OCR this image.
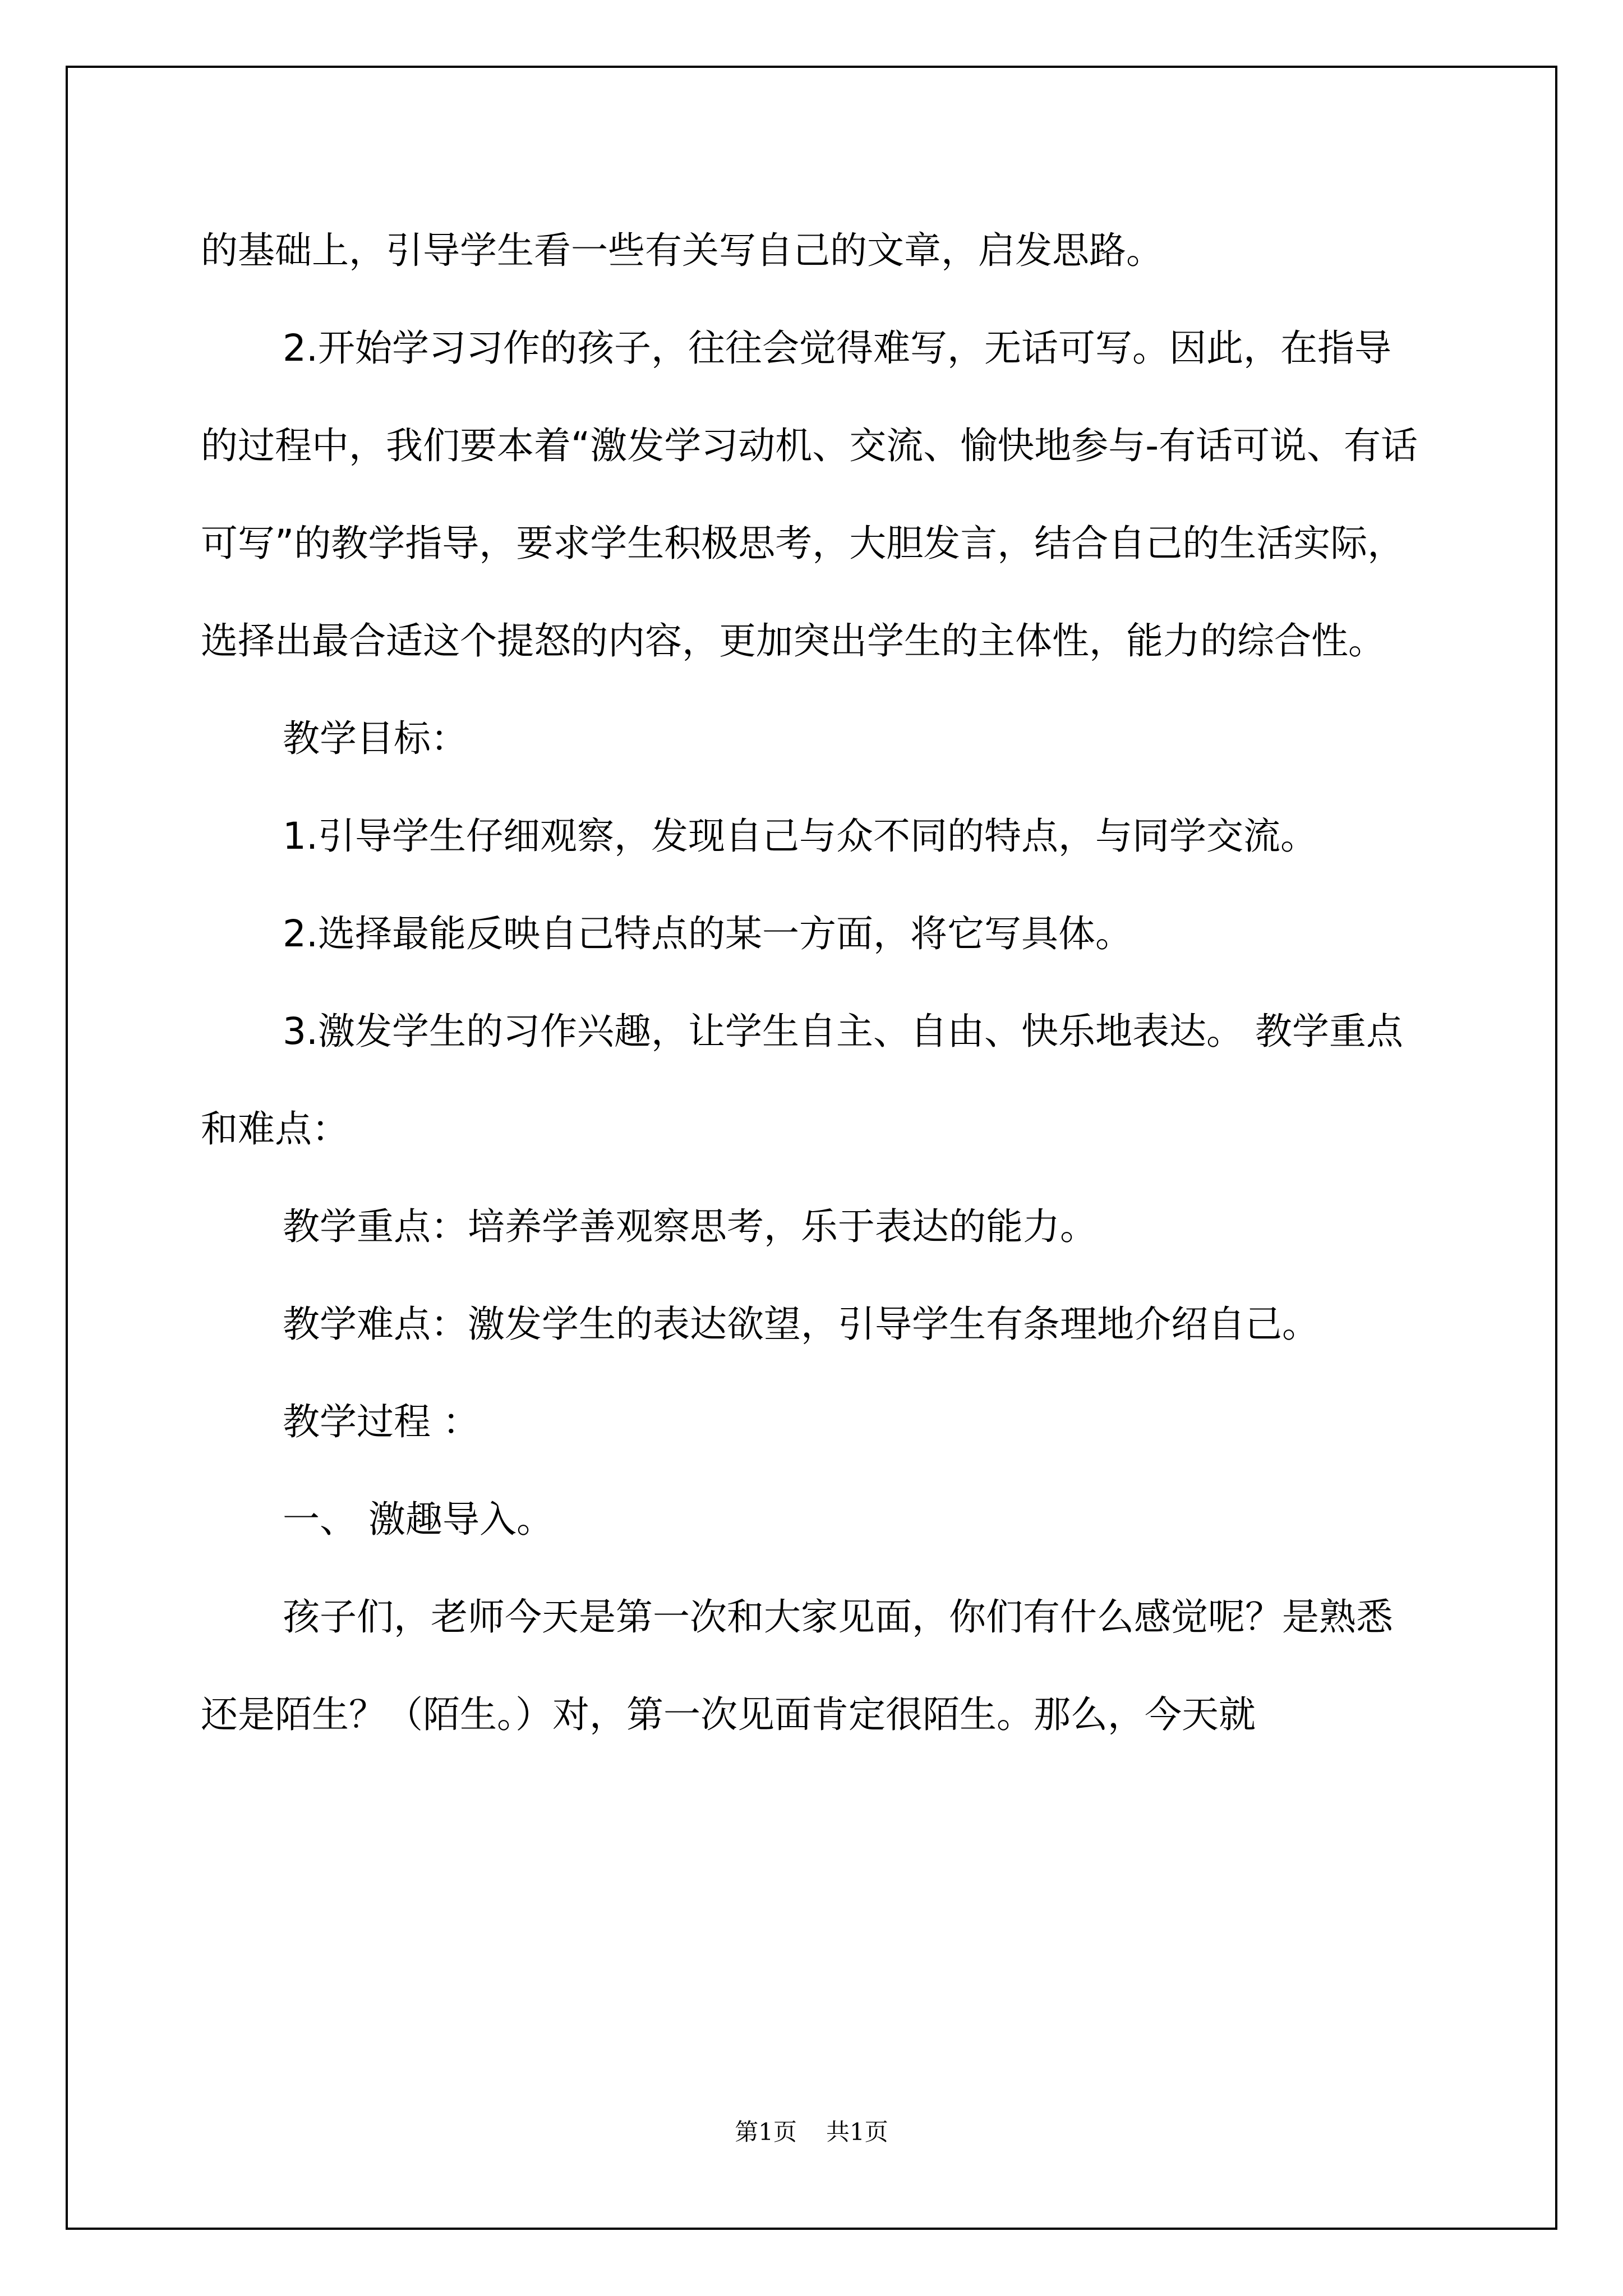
的基础上，引导学生看一些有关写自己的文章，启发思路。

2.开始学习习作的孩子，往往会觉得难写，无话可写。因此，在指导的过程中，我们要本着“激发学习动机、交流、愉快地参与-有话可说、有话可写”的教学指导，要求学生积极思考，大胆发言，结合自己的生活实际，选择出最合适这个提怒的内容，更加突出学生的主体性，能力的综合性。

教学目标：

1.引导学生仔细观察，发现自己与众不同的特点，与同学交流。

2.选择最能反映自己特点的某一方面，将它写具体。

3.激发学生的习作兴趣，让学生自主、自由、快乐地表达。 教学重点和难点：

教学重点：培养学善观察思考，乐于表达的能力。

教学难点：激发学生的表达欲望，引导学生有条理地介绍自己。

教学过程 ：

一、 激趣导入。

孩子们，老师今天是第一次和大家见面，你们有什么感觉呢？是熟悉还是陌生？（陌生。）对，第一次见面肯定很陌生。那么，今天就

第1页 共1页
